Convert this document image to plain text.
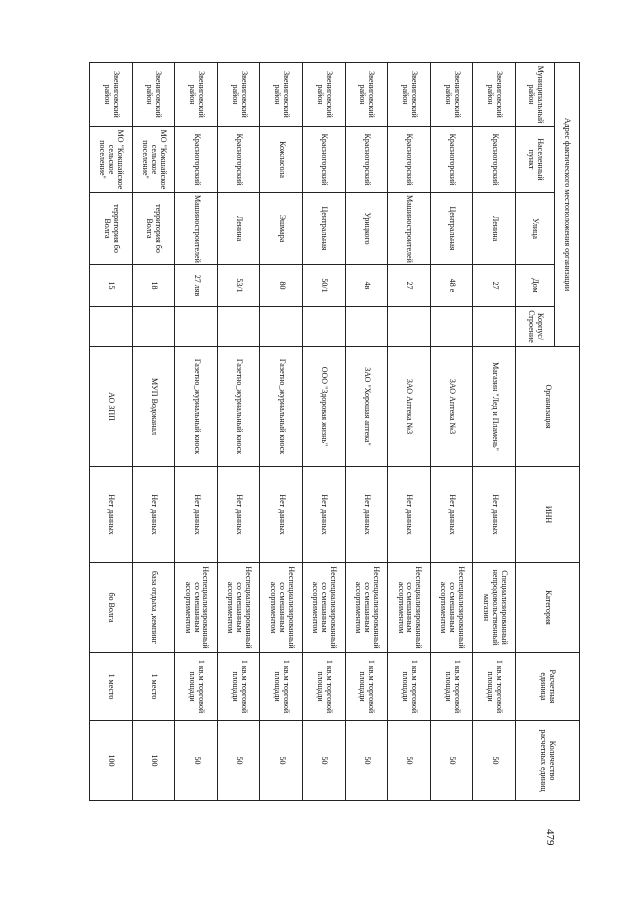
479
Адрес фактического местоположения организации					Организация	ИНН	Категория	Расчетная единица	Количество расчетных единиц
Муниципальный район	Населенный пункт	Улица	Дом	Корпус/ Строение					
Звениговский район	Красногорский	Ленина	27		Магазин "Лед и Пламень"	Нет данных	Специализированный непродовольственный магазин	1 кв.м торговой площади	50
Звениговский район	Красногорский	Центральная	48 е		ЗАО Аптека №3	Нет данных	Неспециализированный со смешанным ассортиментом	1 кв.м торговой площади	50
Звениговский район	Красногорский	Машиностроителей	27		ЗАО Аптека №3	Нет данных	Неспециализированный со смешанным ассортиментом	1 кв.м торговой площади	50
Звениговский район	Красногорский	Урицкого	4в		ЗАО "Хорошая аптека"	Нет данных	Неспециализированный со смешанным ассортиментом	1 кв.м торговой площади	50
Звениговский район	Красногорский	Центральная	50/1		ООО "Здоровая жизнь"	Нет данных	Неспециализированный со смешанным ассортиментом	1 кв.м торговой площади	50
Звениговский район	Кожласола	Эшмара	80		Газетно_журнальный киоск	Нет данных	Неспециализированный со смешанным ассортиментом	1 кв.м торговой площади	50
Звениговский район	Красногорский	Ленина	53/1		Газетно_журнальный киоск	Нет данных	Неспециализированный со смешанным ассортиментом	1 кв.м торговой площади	50
Звениговский район	Красногорский	Машиностроителей	27 ляв		Газетно_журнальный киоск	Нет данных	Неспециализированный со смешанным ассортиментом	1 кв.м торговой площади	50
Звениговский район	МО "Кокшайское сельское поселение"	территория бо Волга	18		МУП Водоканал	Нет данных	база отдыха ,кемпинг	1 место	100
Звениговский район	МО "Кокшайское сельское поселение"	территория бо Волга	15		АО ЗПП	Нет данных	бо Волга	1 место	100
